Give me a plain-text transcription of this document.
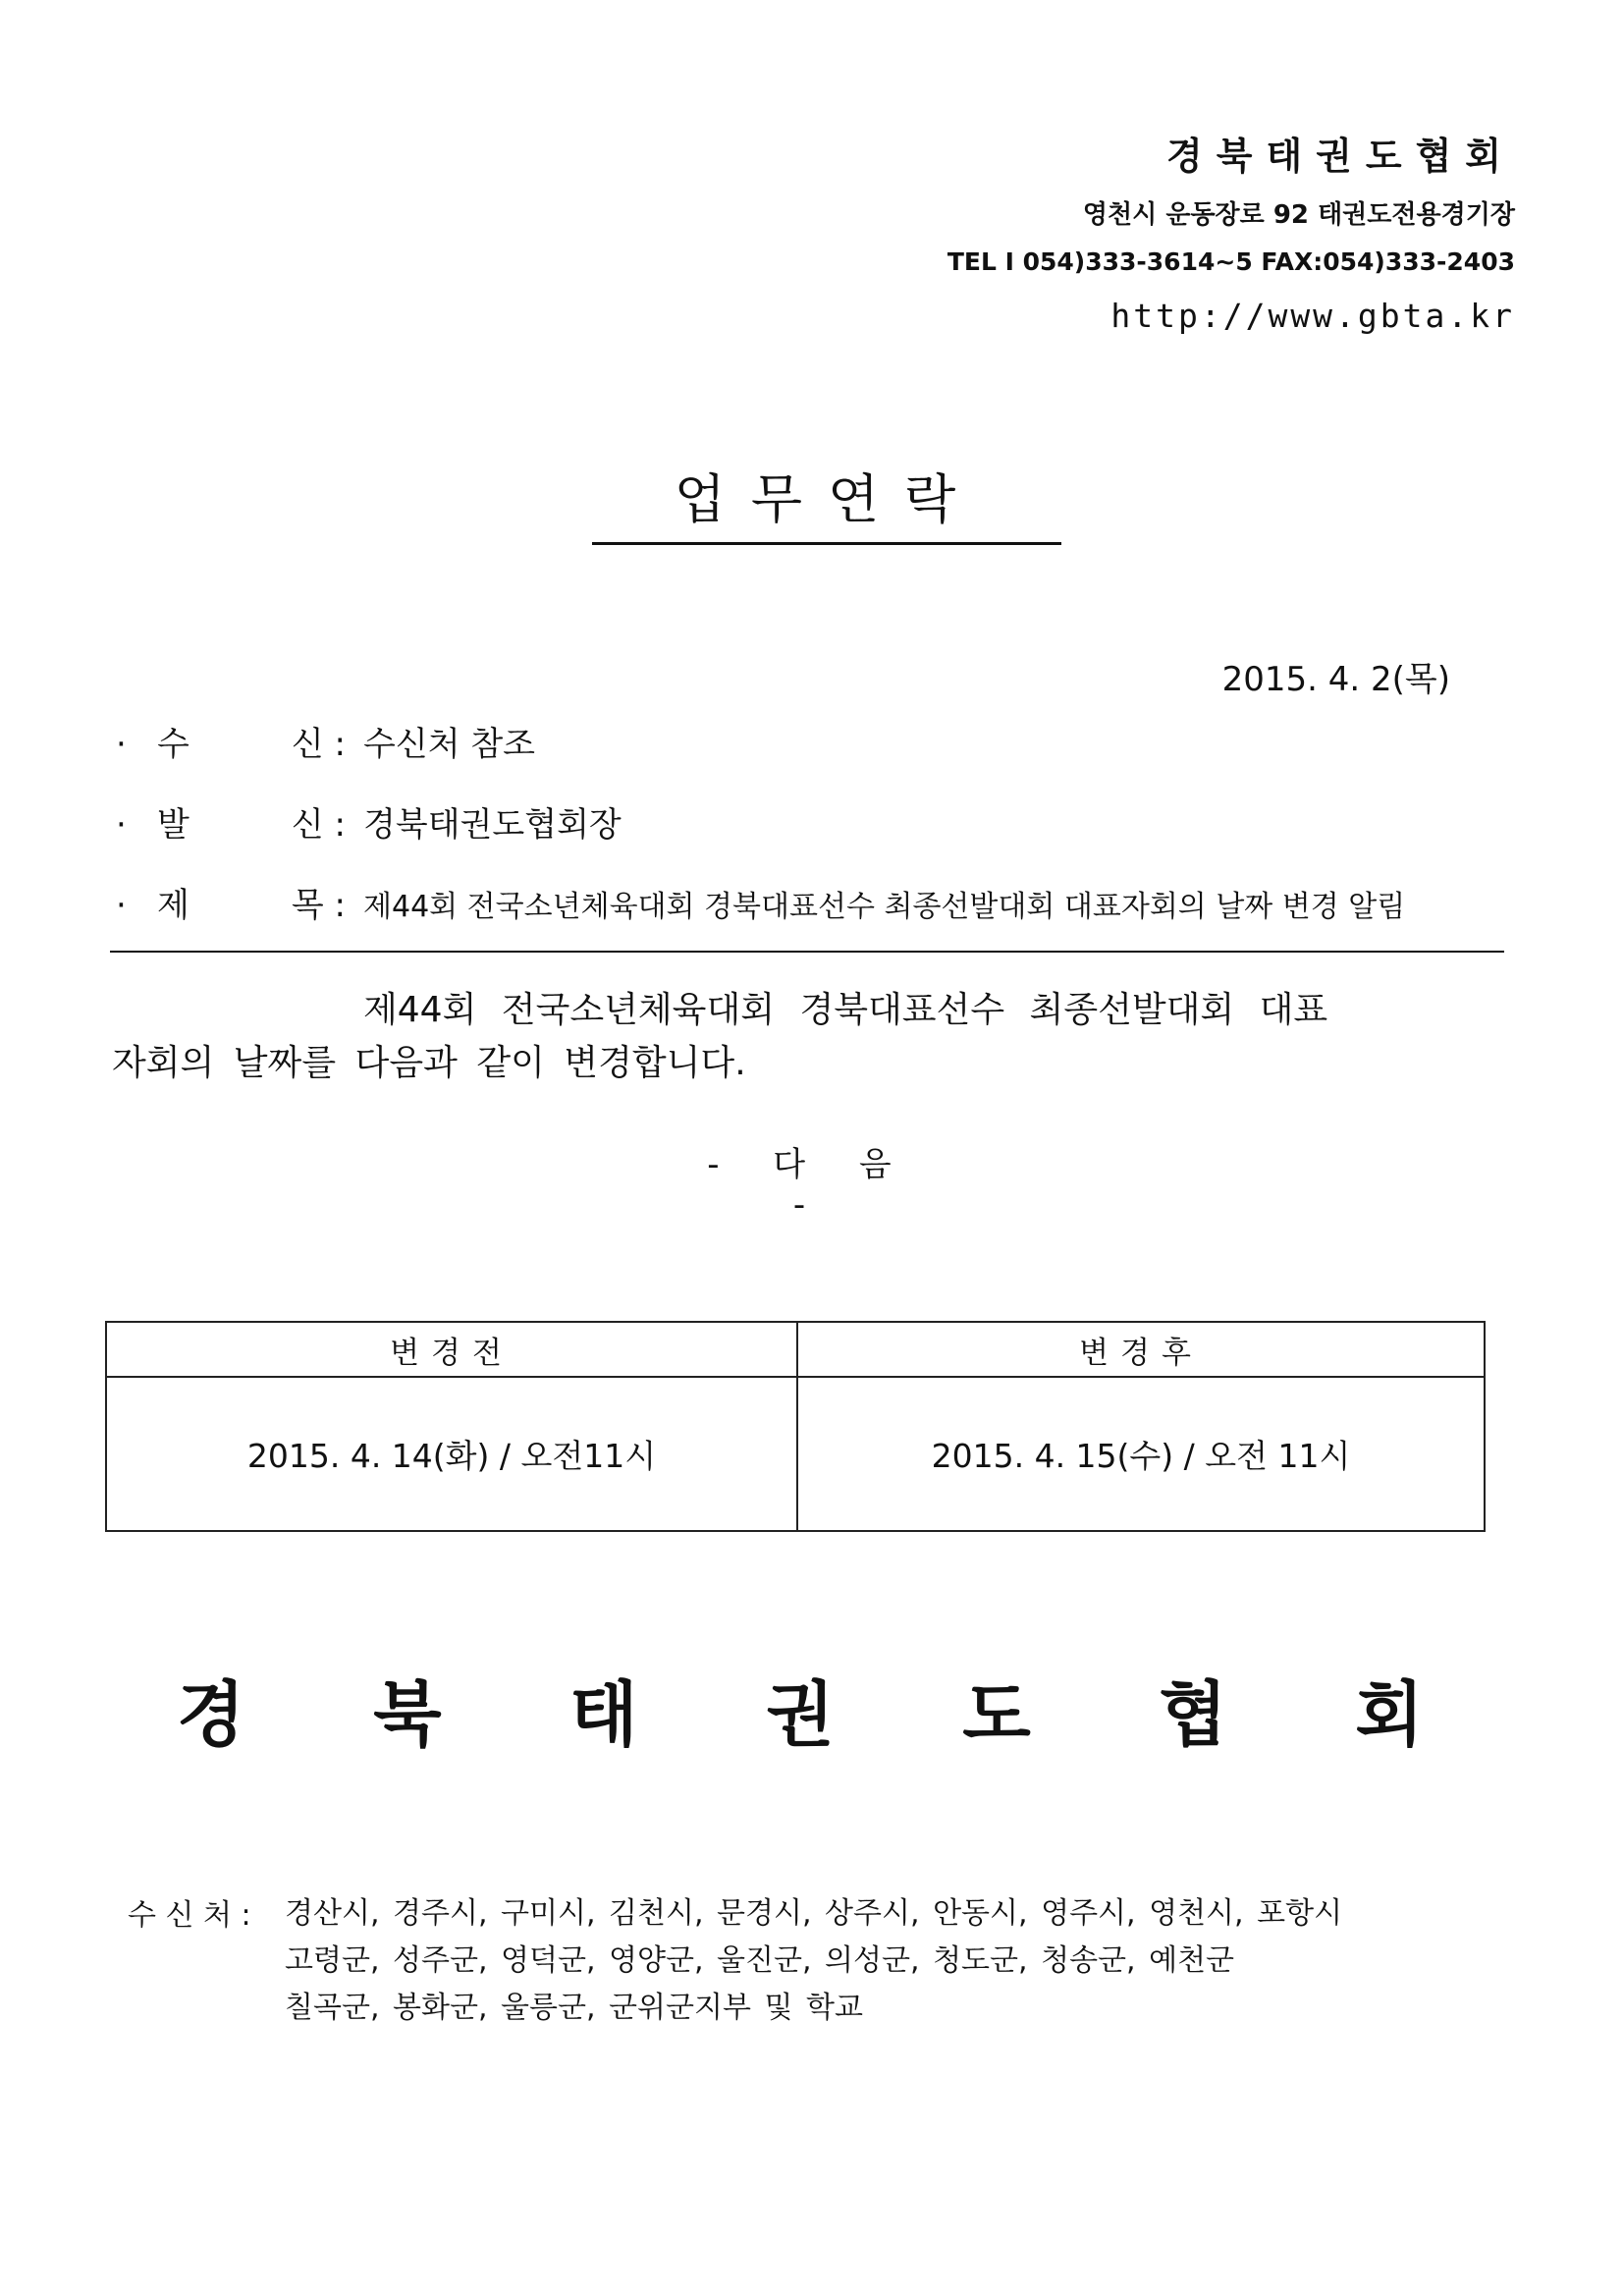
경북태권도협회
영천시 운동장로 92 태권도전용경기장
TEL I 054)333-3614~5 FAX:054)333-2403
http://www.gbta.kr
업무연락
2015. 4. 2(목)
· 수	신 : 수신처 참조
· 발	신 : 경북태권도협회장
· 제	목 : 제44회 전국소년체육대회 경북대표선수 최종선발대회 대표자회의 날짜 변경 알림
제44회 전국소년체육대회 경북대표선수 최종선발대회 대표
자회의 날짜를 다음과 같이 변경합니다.
- 다 음 -
변경전	변경후
2015. 4. 14(화) / 오전11시	2015. 4. 15(수) / 오전 11시
경 북 태 권 도 협 회
수 신 처 :	경산시, 경주시, 구미시, 김천시, 문경시, 상주시, 안동시, 영주시, 영천시, 포항시
고령군, 성주군, 영덕군, 영양군, 울진군, 의성군, 청도군, 청송군, 예천군
칠곡군, 봉화군, 울릉군, 군위군지부 및 학교
